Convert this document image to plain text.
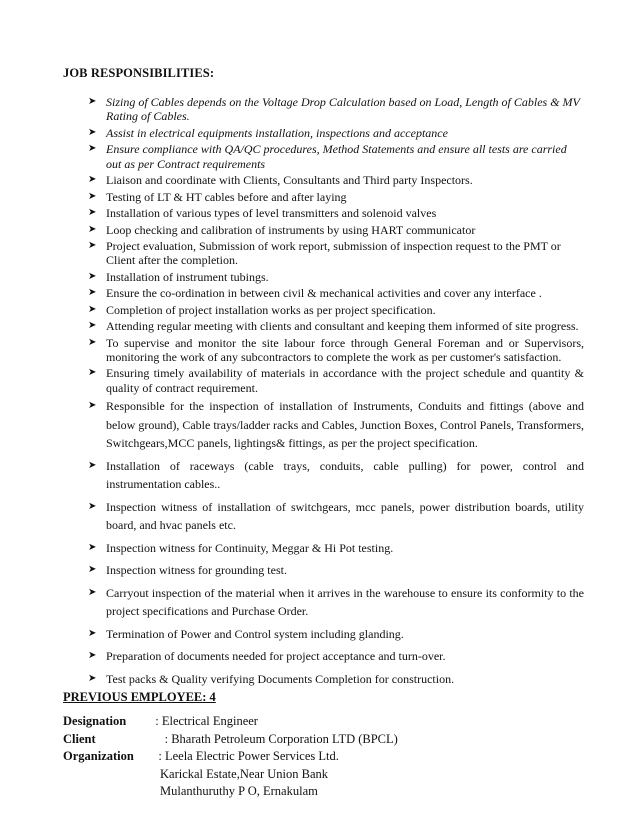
JOB RESPONSIBILITIES:
➤ Sizing of Cables depends on the Voltage Drop Calculation based on Load, Length of Cables & MV Rating of Cables.
➤ Assist in electrical equipments installation, inspections and acceptance
➤ Ensure compliance with QA/QC procedures, Method Statements and ensure all tests are carried out as per Contract requirements
➤ Liaison and coordinate with Clients, Consultants and Third party Inspectors.
➤ Testing of LT & HT cables before and after laying
➤ Installation of various types of level transmitters and solenoid valves
➤ Loop checking and calibration of instruments by using HART communicator
➤ Project evaluation, Submission of work report, submission of inspection request to the PMT or Client after the completion.
➤ Installation of instrument tubings.
➤ Ensure the co-ordination in between civil & mechanical activities and cover any interface .
➤ Completion of project installation works as per project specification.
➤ Attending regular meeting with clients and consultant and keeping them informed of site progress.
➤ To supervise and monitor the site labour force through General Foreman and or Supervisors, monitoring the work of any subcontractors to complete the work as per customer's satisfaction.
➤ Ensuring timely availability of materials in accordance with the project schedule and quantity & quality of contract requirement.
➤ Responsible for the inspection of installation of Instruments, Conduits and fittings (above and below ground), Cable trays/ladder racks and Cables, Junction Boxes, Control Panels, Transformers, Switchgears,MCC panels, lightings& fittings, as per the project specification.
➤ Installation of raceways (cable trays, conduits, cable pulling) for power, control and instrumentation cables..
➤ Inspection witness of installation of switchgears, mcc panels, power distribution boards, utility board, and hvac panels etc.
➤ Inspection witness for Continuity, Meggar & Hi Pot testing.
➤ Inspection witness for grounding test.
➤ Carryout inspection of the material when it arrives in the warehouse to ensure its conformity to the project specifications and Purchase Order.
➤ Termination of Power and Control system including glanding.
➤ Preparation of documents needed for project acceptance and turn-over.
➤ Test packs & Quality verifying Documents Completion for construction.
PREVIOUS EMPLOYEE: 4
Designation	: Electrical Engineer
Client	: Bharath Petroleum Corporation LTD (BPCL)
Organization	: Leela Electric Power Services Ltd.
Karickal Estate,Near Union Bank
Mulanthuruthy P O, Ernakulam
